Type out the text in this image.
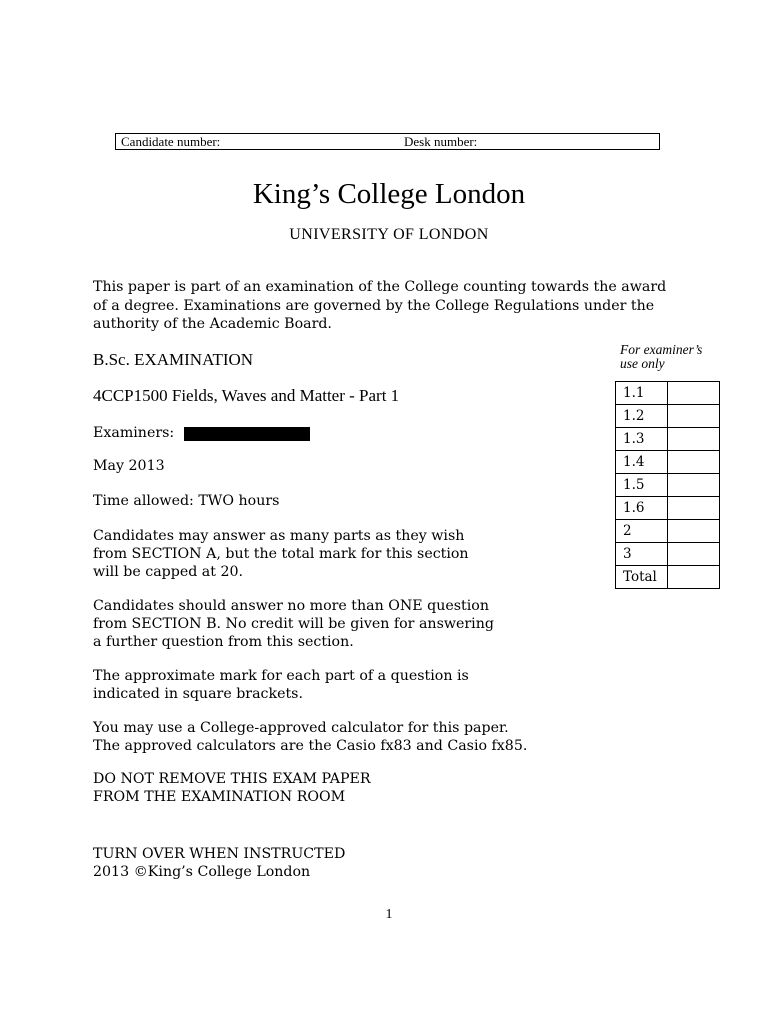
Candidate number:	Desk number:
King’s College London
UNIVERSITY OF LONDON
This paper is part of an examination of the College counting towards the award
of a degree. Examinations are governed by the College Regulations under the
authority of the Academic Board.
B.Sc. EXAMINATION
4CCP1500 Fields, Waves and Matter - Part 1
Examiners:
May 2013
Time allowed: TWO hours
Candidates may answer as many parts as they wish
from SECTION A, but the total mark for this section
will be capped at 20.
Candidates should answer no more than ONE question
from SECTION B. No credit will be given for answering
a further question from this section.
The approximate mark for each part of a question is
indicated in square brackets.
You may use a College-approved calculator for this paper.
The approved calculators are the Casio fx83 and Casio fx85.
DO NOT REMOVE THIS EXAM PAPER
FROM THE EXAMINATION ROOM
TURN OVER WHEN INSTRUCTED
2013 ©King’s College London
For examiner’s
use only
1.1	
1.2	
1.3	
1.4	
1.5	
1.6	
2	
3	
Total	
1
